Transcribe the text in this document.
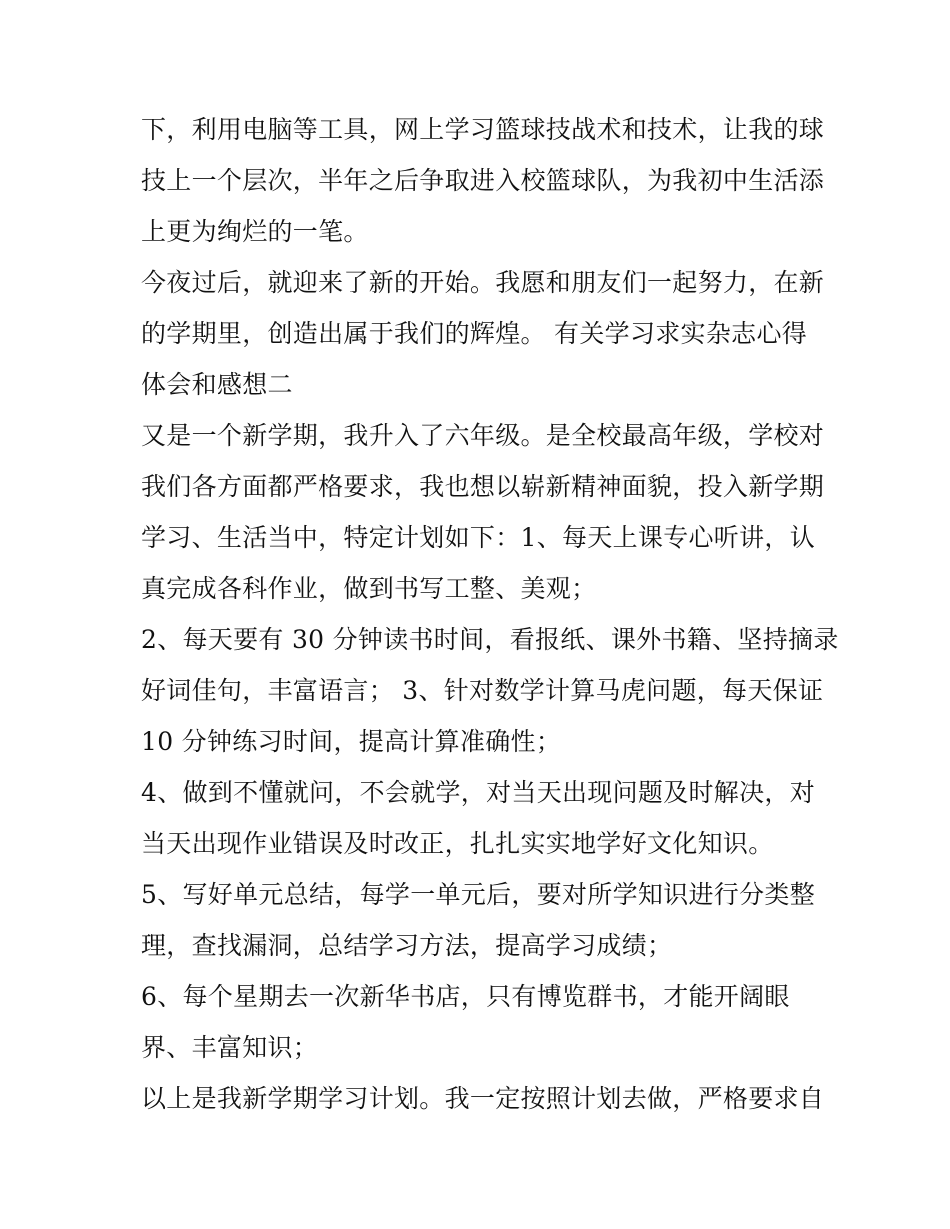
下，利用电脑等工具，网上学习篮球技战术和技术，让我的球
技上一个层次，半年之后争取进入校篮球队，为我初中生活添
上更为绚烂的一笔。
今夜过后，就迎来了新的开始。我愿和朋友们一起努力，在新
的学期里，创造出属于我们的辉煌。 有关学习求实杂志心得
体会和感想二
又是一个新学期，我升入了六年级。是全校最高年级，学校对
我们各方面都严格要求，我也想以崭新精神面貌，投入新学期
学习、生活当中，特定计划如下：1、每天上课专心听讲，认
真完成各科作业，做到书写工整、美观；
2、每天要有 30 分钟读书时间，看报纸、课外书籍、坚持摘录
好词佳句，丰富语言； 3、针对数学计算马虎问题，每天保证
10 分钟练习时间，提高计算准确性；
4、做到不懂就问，不会就学，对当天出现问题及时解决，对
当天出现作业错误及时改正，扎扎实实地学好文化知识。
5、写好单元总结，每学一单元后，要对所学知识进行分类整
理，查找漏洞，总结学习方法，提高学习成绩；
6、每个星期去一次新华书店，只有博览群书，才能开阔眼
界、丰富知识；
以上是我新学期学习计划。我一定按照计划去做，严格要求自
